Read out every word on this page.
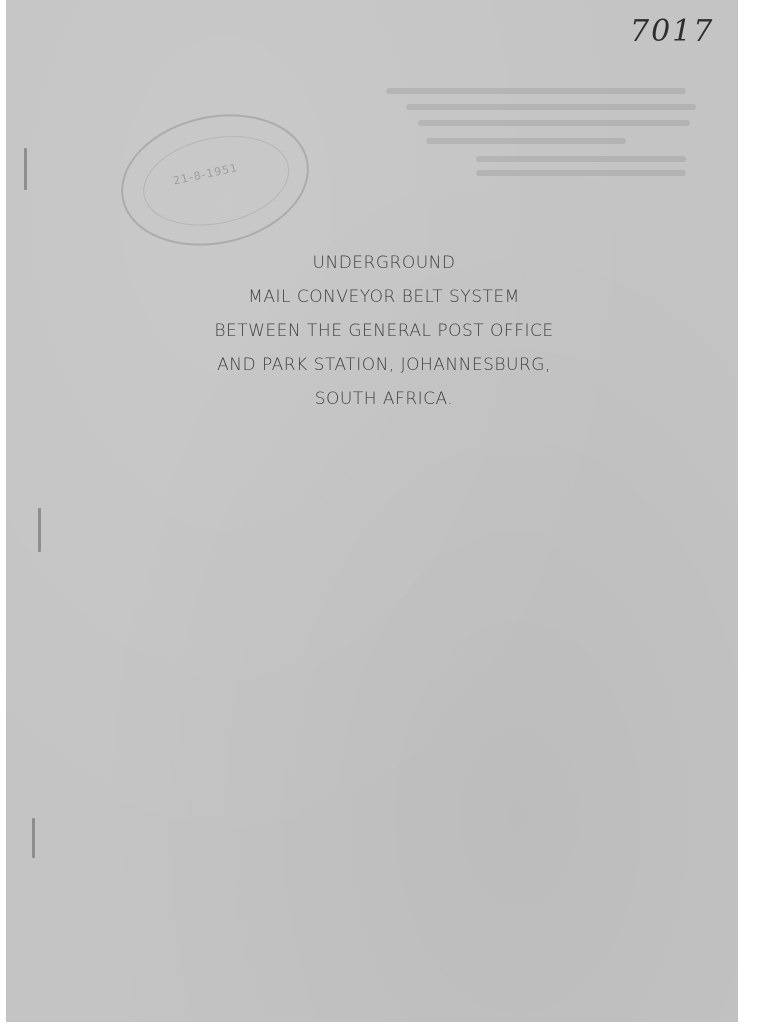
7017
21-8-1951
UNDERGROUND
MAIL CONVEYOR BELT SYSTEM
BETWEEN THE GENERAL POST OFFICE
AND PARK STATION, JOHANNESBURG,
SOUTH AFRICA.
